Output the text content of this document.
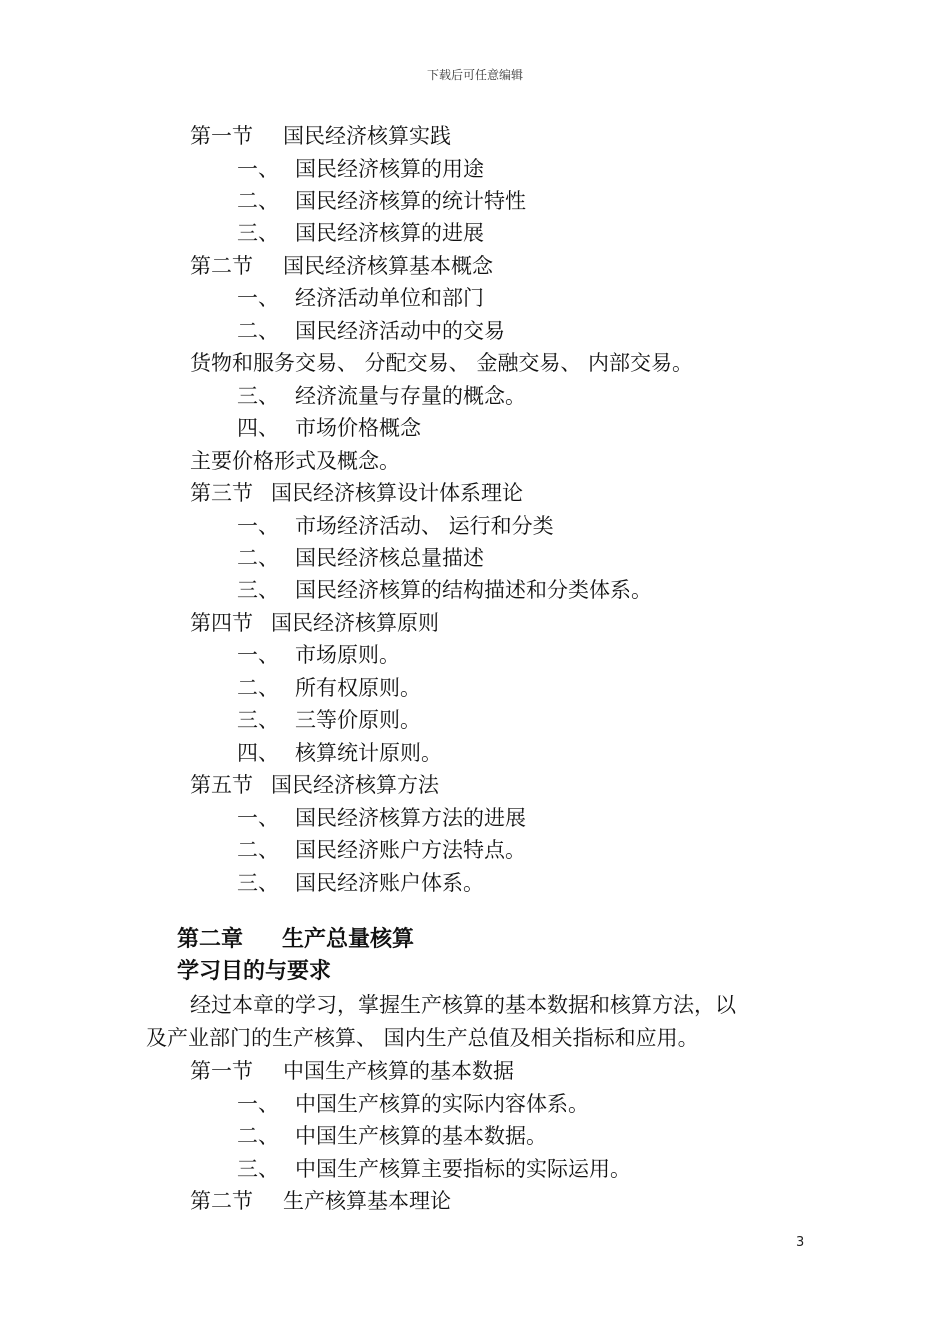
下载后可任意编辑
第一节 国民经济核算实践
一、 国民经济核算的用途
二、 国民经济核算的统计特性
三、 国民经济核算的进展
第二节 国民经济核算基本概念
一、 经济活动单位和部门
二、 国民经济活动中的交易
货物和服务交易、 分配交易、 金融交易、 内部交易。
三、 经济流量与存量的概念。
四、 市场价格概念
主要价格形式及概念。
第三节 国民经济核算设计体系理论
一、 市场经济活动、 运行和分类
二、 国民经济核总量描述
三、 国民经济核算的结构描述和分类体系。
第四节 国民经济核算原则
一、 市场原则。
二、 所有权原则。
三、 三等价原则。
四、 核算统计原则。
第五节 国民经济核算方法
一、 国民经济核算方法的进展
二、 国民经济账户方法特点。
三、 国民经济账户体系。
第二章 生产总量核算
学习目的与要求
经过本章的学习，掌握生产核算的基本数据和核算方法，以
及产业部门的生产核算、 国内生产总值及相关指标和应用。
第一节 中国生产核算的基本数据
一、 中国生产核算的实际内容体系。
二、 中国生产核算的基本数据。
三、 中国生产核算主要指标的实际运用。
第二节 生产核算基本理论
3
